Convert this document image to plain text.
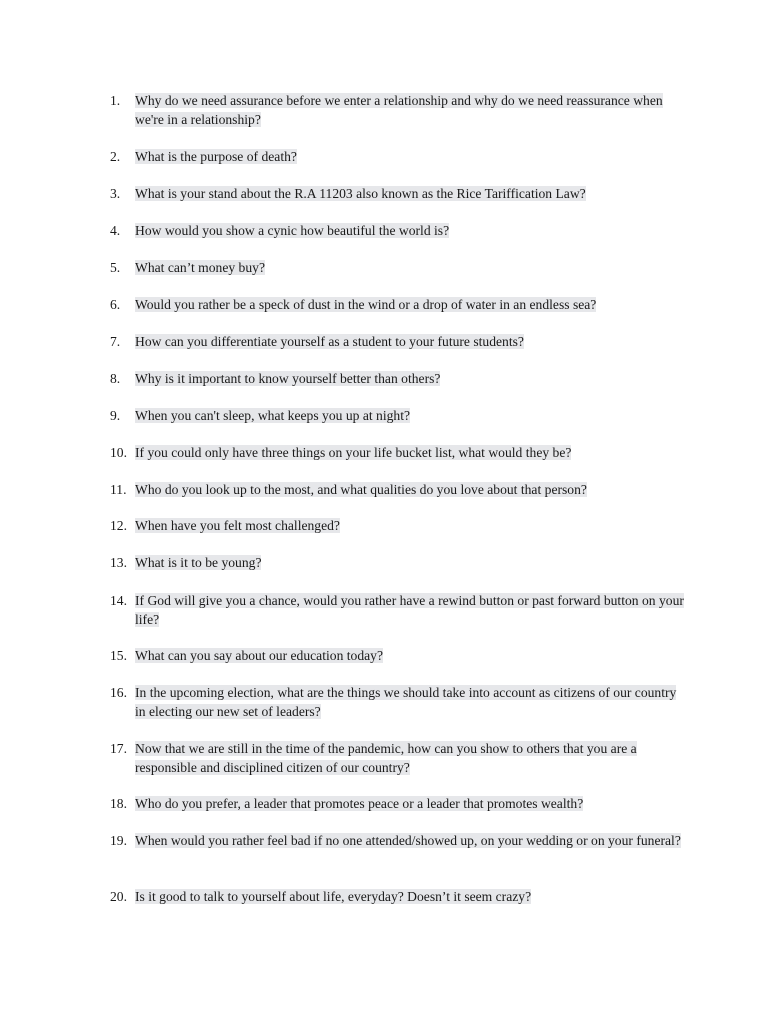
1.	Why do we need assurance before we enter a relationship and why do we need reassurance when we're in a relationship?
2.	What is the purpose of death?
3.	What is your stand about the R.A 11203 also known as the Rice Tariffication Law?
4.	How would you show a cynic how beautiful the world is?
5.	What can’t money buy?
6.	Would you rather be a speck of dust in the wind or a drop of water in an endless sea?
7.	How can you differentiate yourself as a student to your future students?
8.	Why is it important to know yourself better than others?
9.	When you can't sleep, what keeps you up at night?
10. If you could only have three things on your life bucket list, what would they be?
11. Who do you look up to the most, and what qualities do you love about that person?
12. When have you felt most challenged?
13. What is it to be young?
14. If God will give you a chance, would you rather have a rewind button or past forward button on your life?
15. What can you say about our education today?
16. In the upcoming election, what are the things we should take into account as citizens of our country in electing our new set of leaders?
17. Now that we are still in the time of the pandemic, how can you show to others that you are a responsible and disciplined citizen of our country?
18. Who do you prefer, a leader that promotes peace or a leader that promotes wealth?
19. When would you rather feel bad if no one attended/showed up, on your wedding or on your funeral?
20. Is it good to talk to yourself about life, everyday? Doesn’t it seem crazy?
